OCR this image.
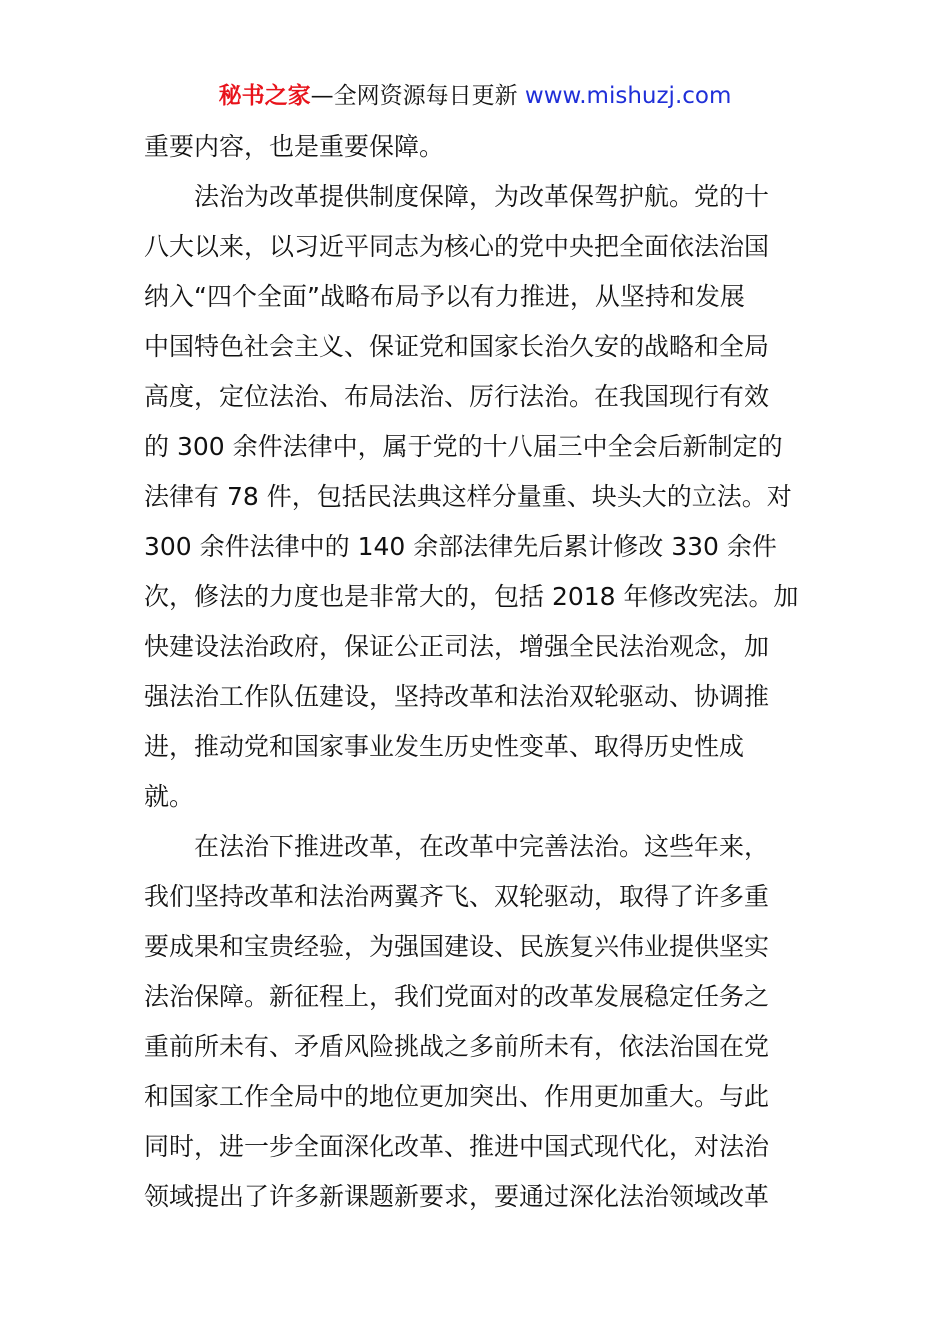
秘书之家—全网资源每日更新 www.mishuzj.com
重要内容，也是重要保障。
法治为改革提供制度保障，为改革保驾护航。党的十
八大以来，以习近平同志为核心的党中央把全面依法治国
纳入“四个全面”战略布局予以有力推进，从坚持和发展
中国特色社会主义、保证党和国家长治久安的战略和全局
高度，定位法治、布局法治、厉行法治。在我国现行有效
的 300 余件法律中，属于党的十八届三中全会后新制定的
法律有 78 件，包括民法典这样分量重、块头大的立法。对
300 余件法律中的 140 余部法律先后累计修改 330 余件
次，修法的力度也是非常大的，包括 2018 年修改宪法。加
快建设法治政府，保证公正司法，增强全民法治观念，加
强法治工作队伍建设，坚持改革和法治双轮驱动、协调推
进，推动党和国家事业发生历史性变革、取得历史性成
就。
在法治下推进改革，在改革中完善法治。这些年来，
我们坚持改革和法治两翼齐飞、双轮驱动，取得了许多重
要成果和宝贵经验，为强国建设、民族复兴伟业提供坚实
法治保障。新征程上，我们党面对的改革发展稳定任务之
重前所未有、矛盾风险挑战之多前所未有，依法治国在党
和国家工作全局中的地位更加突出、作用更加重大。与此
同时，进一步全面深化改革、推进中国式现代化，对法治
领域提出了许多新课题新要求，要通过深化法治领域改革
